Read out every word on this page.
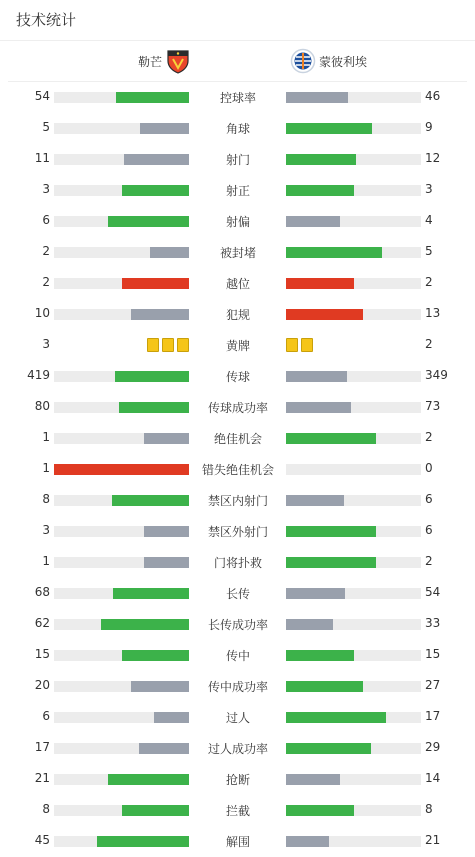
技术统计
勒芒	蒙彼利埃
54	控球率	46
5	角球	9
11	射门	12
3	射正	3
6	射偏	4
2	被封堵	5
2	越位	2
10	犯规	13
3	黄牌	2
419	传球	349
80	传球成功率	73
1	绝佳机会	2
1	错失绝佳机会	0
8	禁区内射门	6
3	禁区外射门	6
1	门将扑救	2
68	长传	54
62	长传成功率	33
15	传中	15
20	传中成功率	27
6	过人	17
17	过人成功率	29
21	抢断	14
8	拦截	8
45	解围	21
